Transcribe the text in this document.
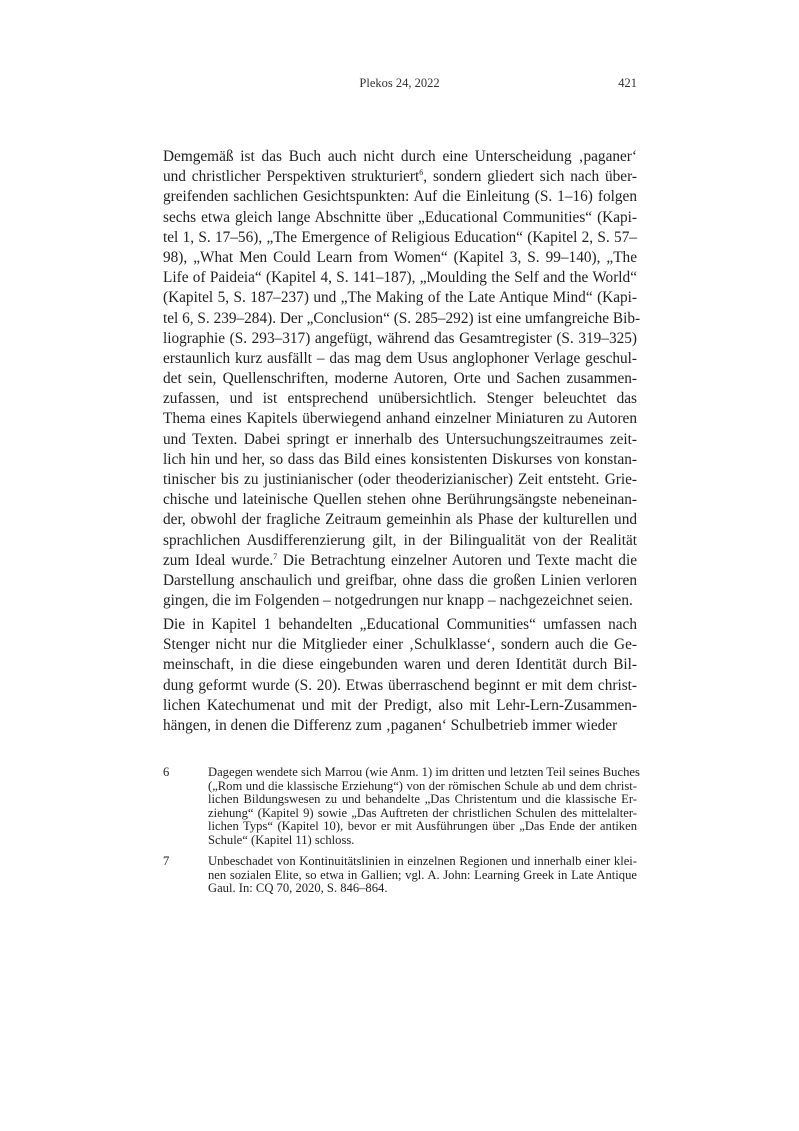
Plekos 24, 2022	421
Demgemäß ist das Buch auch nicht durch eine Unterscheidung ‚paganer‘
und christlicher Perspektiven strukturiert$^6$, sondern gliedert sich nach über-
greifenden sachlichen Gesichtspunkten: Auf die Einleitung (S. 1–16) folgen
sechs etwa gleich lange Abschnitte über „Educational Communities“ (Kapi-
tel 1, S. 17–56), „The Emergence of Religious Education“ (Kapitel 2, S. 57–
98), „What Men Could Learn from Women“ (Kapitel 3, S. 99–140), „The
Life of Paideia“ (Kapitel 4, S. 141–187), „Moulding the Self and the World“
(Kapitel 5, S. 187–237) und „The Making of the Late Antique Mind“ (Kapi-
tel 6, S. 239–284). Der „Conclusion“ (S. 285–292) ist eine umfangreiche Bib-
liographie (S. 293–317) angefügt, während das Gesamtregister (S. 319–325)
erstaunlich kurz ausfällt – das mag dem Usus anglophoner Verlage geschul-
det sein, Quellenschriften, moderne Autoren, Orte und Sachen zusammen-
zufassen, und ist entsprechend unübersichtlich. Stenger beleuchtet das
Thema eines Kapitels überwiegend anhand einzelner Miniaturen zu Autoren
und Texten. Dabei springt er innerhalb des Untersuchungszeitraumes zeit-
lich hin und her, so dass das Bild eines konsistenten Diskurses von konstan-
tinischer bis zu justinianischer (oder theoderizianischer) Zeit entsteht. Grie-
chische und lateinische Quellen stehen ohne Berührungsängste nebeneinan-
der, obwohl der fragliche Zeitraum gemeinhin als Phase der kulturellen und
sprachlichen Ausdifferenzierung gilt, in der Bilingualität von der Realität
zum Ideal wurde.$^7$ Die Betrachtung einzelner Autoren und Texte macht die
Darstellung anschaulich und greifbar, ohne dass die großen Linien verloren
gingen, die im Folgenden – notgedrungen nur knapp – nachgezeichnet seien.
Die in Kapitel 1 behandelten „Educational Communities“ umfassen nach
Stenger nicht nur die Mitglieder einer ‚Schulklasse‘, sondern auch die Ge-
meinschaft, in die diese eingebunden waren und deren Identität durch Bil-
dung geformt wurde (S. 20). Etwas überraschend beginnt er mit dem christ-
lichen Katechumenat und mit der Predigt, also mit Lehr-Lern-Zusammen-
hängen, in denen die Differenz zum ‚paganen‘ Schulbetrieb immer wieder
6	Dagegen wendete sich Marrou (wie Anm. 1) im dritten und letzten Teil seines Buches
(„Rom und die klassische Erziehung“) von der römischen Schule ab und dem christ-
lichen Bildungswesen zu und behandelte „Das Christentum und die klassische Er-
ziehung“ (Kapitel 9) sowie „Das Auftreten der christlichen Schulen des mittelalter-
lichen Typs“ (Kapitel 10), bevor er mit Ausführungen über „Das Ende der antiken
Schule“ (Kapitel 11) schloss.
7	Unbeschadet von Kontinuitätslinien in einzelnen Regionen und innerhalb einer klei-
nen sozialen Elite, so etwa in Gallien; vgl. A. John: Learning Greek in Late Antique
Gaul. In: CQ 70, 2020, S. 846–864.
